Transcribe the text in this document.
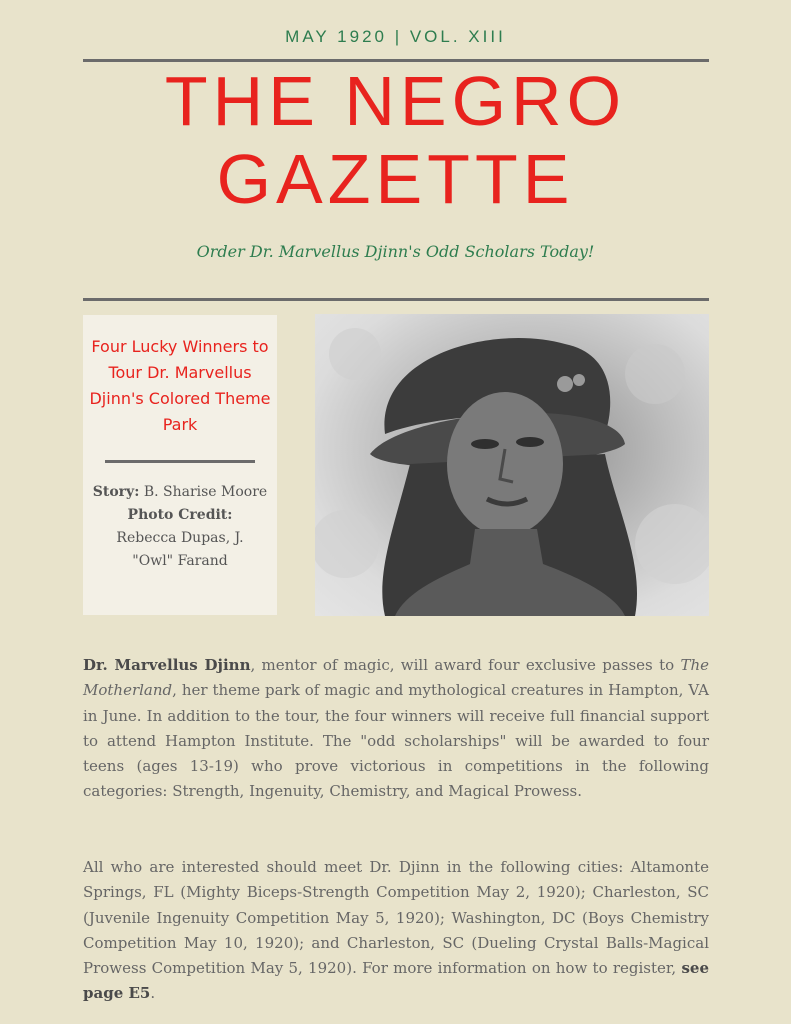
MAY 1920 | VOL. XIII
THE NEGRO
GAZETTE
Order Dr. Marvellus Djinn's Odd Scholars Today!
Four Lucky Winners to Tour Dr. Marvellus Djinn's Colored Theme Park
Story: B. Sharise Moore
Photo Credit:
Rebecca Dupas, J. "Owl" Farand
Dr. Marvellus Djinn, mentor of magic, will award four exclusive passes to The Motherland, her theme park of magic and mythological creatures in Hampton, VA in June. In addition to the tour, the four winners will receive full financial support to attend Hampton Institute. The "odd scholarships" will be awarded to four teens (ages 13-19) who prove victorious in competitions in the following categories: Strength, Ingenuity, Chemistry, and Magical Prowess.
All who are interested should meet Dr. Djinn in the following cities: Altamonte Springs, FL (Mighty Biceps-Strength Competition May 2, 1920); Charleston, SC (Juvenile Ingenuity Competition May 5, 1920); Washington, DC (Boys Chemistry Competition May 10, 1920); and Charleston, SC (Dueling Crystal Balls-Magical Prowess Competition May 5, 1920). For more information on how to register, see page E5.
